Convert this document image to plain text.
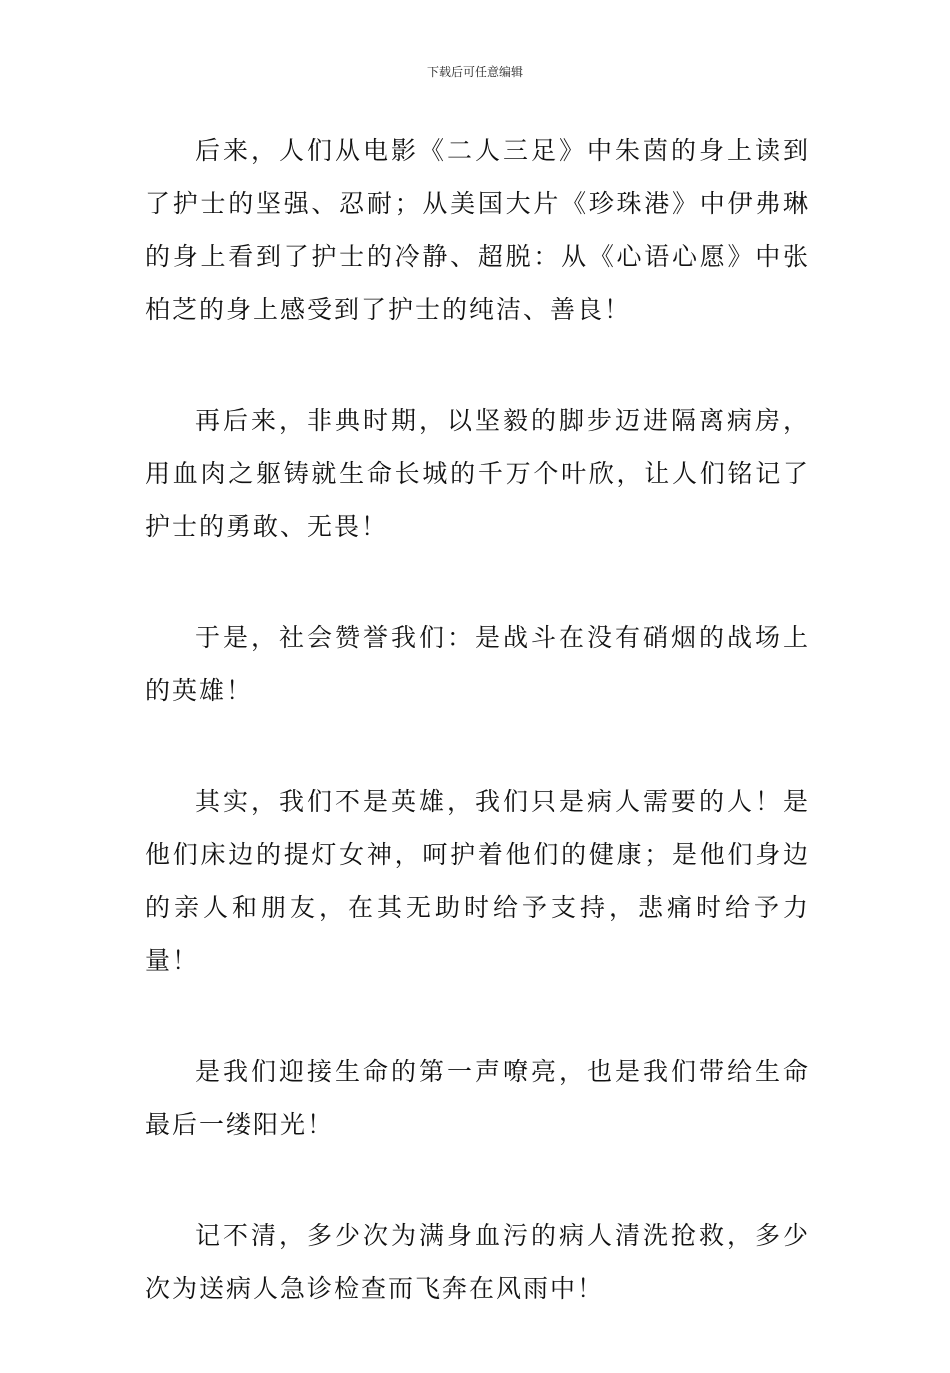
下载后可任意编辑

后来，人们从电影《二人三足》中朱茵的身上读到了护士的坚强、忍耐；从美国大片《珍珠港》中伊弗琳的身上看到了护士的冷静、超脱：从《心语心愿》中张柏芝的身上感受到了护士的纯洁、善良！

再后来，非典时期，以坚毅的脚步迈进隔离病房，用血肉之躯铸就生命长城的千万个叶欣，让人们铭记了护士的勇敢、无畏！

于是，社会赞誉我们：是战斗在没有硝烟的战场上的英雄！

其实，我们不是英雄，我们只是病人需要的人！是他们床边的提灯女神，呵护着他们的健康；是他们身边的亲人和朋友，在其无助时给予支持，悲痛时给予力量！

是我们迎接生命的第一声嘹亮，也是我们带给生命最后一缕阳光！

记不清，多少次为满身血污的病人清洗抢救，多少次为送病人急诊检查而飞奔在风雨中！
